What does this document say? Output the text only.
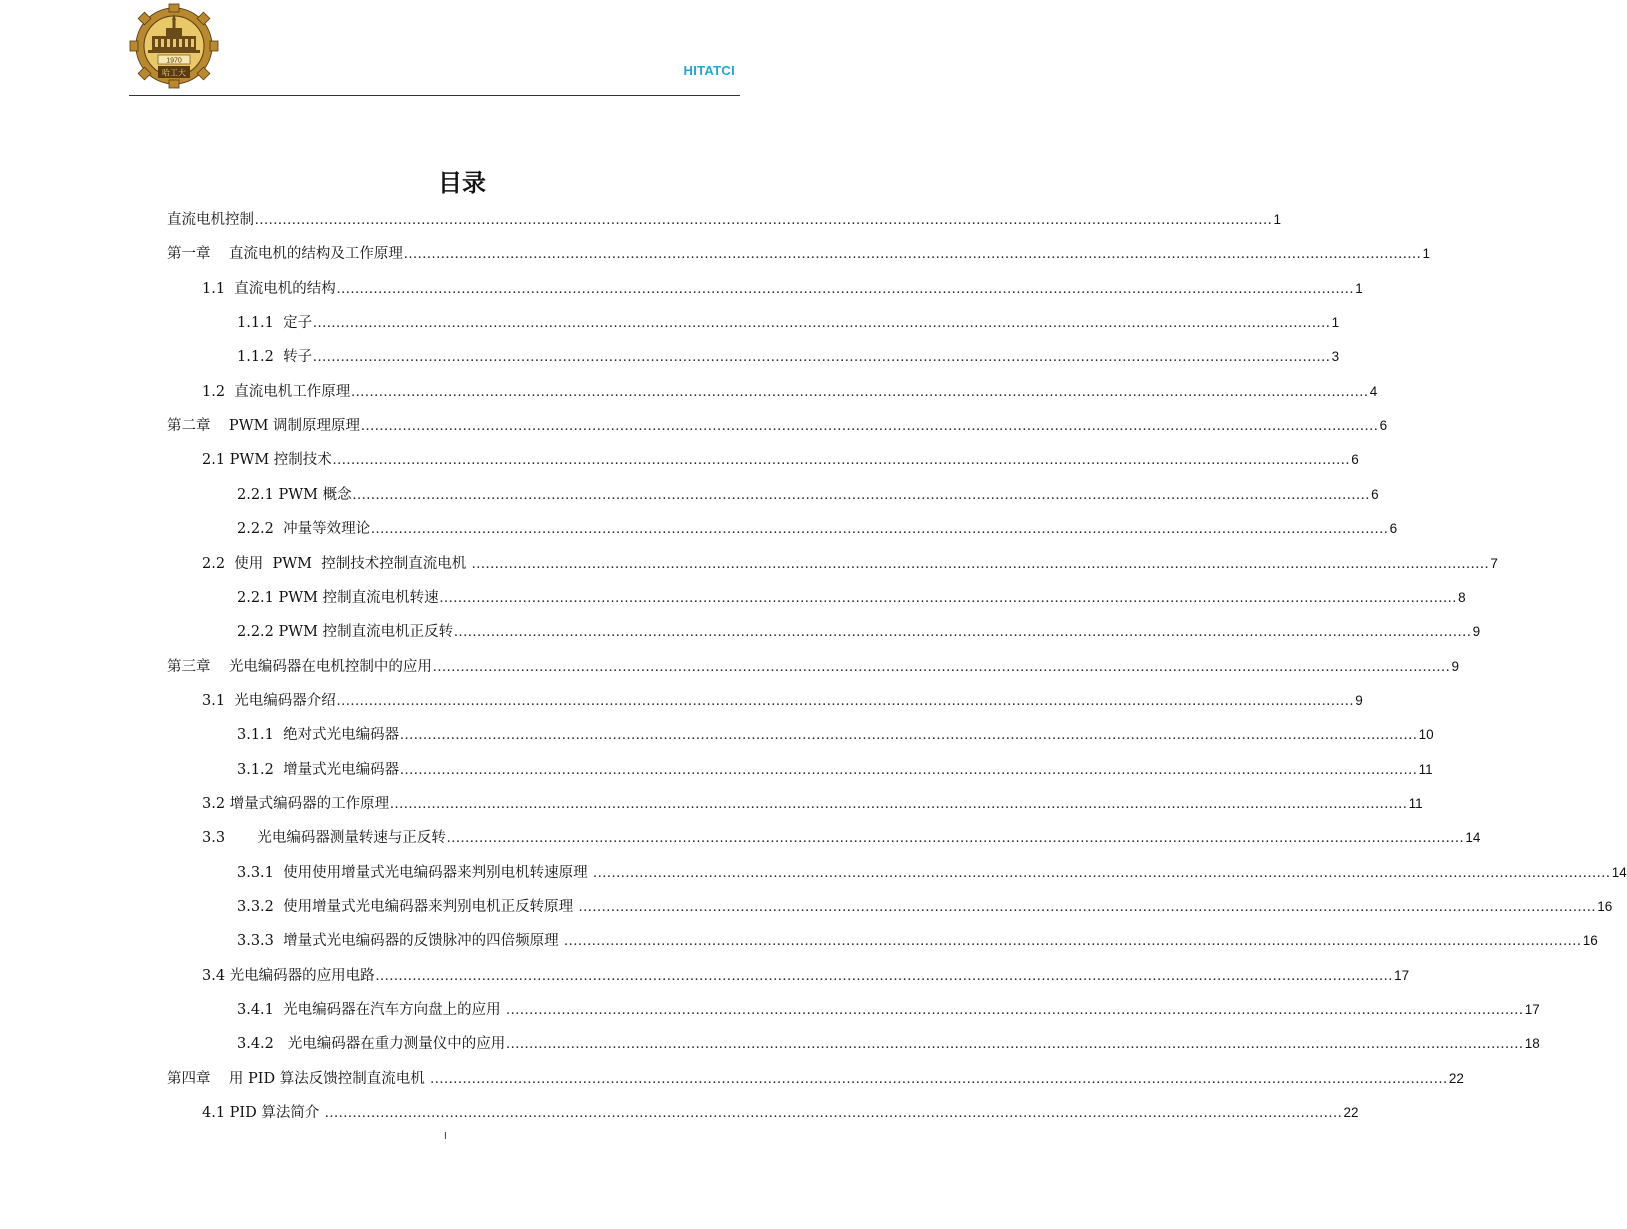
1970
哈工大	HITATCI
目录
直流电机控制 ............................................................................................................................................................................................................................ 1
第一章    直流电机的结构及工作原理 ............................................................................................................................................................................................................................ 1
1.1  直流电机的结构 ............................................................................................................................................................................................................................ 1
1.1.1  定子 ............................................................................................................................................................................................................................ 1
1.1.2  转子 ............................................................................................................................................................................................................................ 3
1.2  直流电机工作原理 ............................................................................................................................................................................................................................ 4
第二章    PWM 调制原理原理 ............................................................................................................................................................................................................................ 6
2.1 PWM 控制技术 ............................................................................................................................................................................................................................ 6
2.2.1 PWM 概念 ............................................................................................................................................................................................................................ 6
2.2.2  冲量等效理论 ............................................................................................................................................................................................................................ 6
2.2  使用  PWM  控制技术控制直流电机 ............................................................................................................................................................................................................................ 7
2.2.1 PWM 控制直流电机转速 ............................................................................................................................................................................................................................ 8
2.2.2 PWM 控制直流电机正反转 ............................................................................................................................................................................................................................ 9
第三章    光电编码器在电机控制中的应用 ............................................................................................................................................................................................................................ 9
3.1  光电编码器介绍 ............................................................................................................................................................................................................................ 9
3.1.1  绝对式光电编码器 ............................................................................................................................................................................................................................ 10
3.1.2  增量式光电编码器 ............................................................................................................................................................................................................................ 11
3.2 增量式编码器的工作原理 ............................................................................................................................................................................................................................ 11
3.3       光电编码器测量转速与正反转 ............................................................................................................................................................................................................................ 14
3.3.1  使用使用增量式光电编码器来判别电机转速原理 ............................................................................................................................................................................................................................ 14
3.3.2  使用增量式光电编码器来判别电机正反转原理 ............................................................................................................................................................................................................................ 16
3.3.3  增量式光电编码器的反馈脉冲的四倍频原理 ............................................................................................................................................................................................................................ 16
3.4 光电编码器的应用电路 ............................................................................................................................................................................................................................ 17
3.4.1  光电编码器在汽车方向盘上的应用 ............................................................................................................................................................................................................................ 17
3.4.2   光电编码器在重力测量仪中的应用 ............................................................................................................................................................................................................................ 18
第四章    用 PID 算法反馈控制直流电机 ............................................................................................................................................................................................................................ 22
4.1 PID 算法简介 ............................................................................................................................................................................................................................ 22
I
